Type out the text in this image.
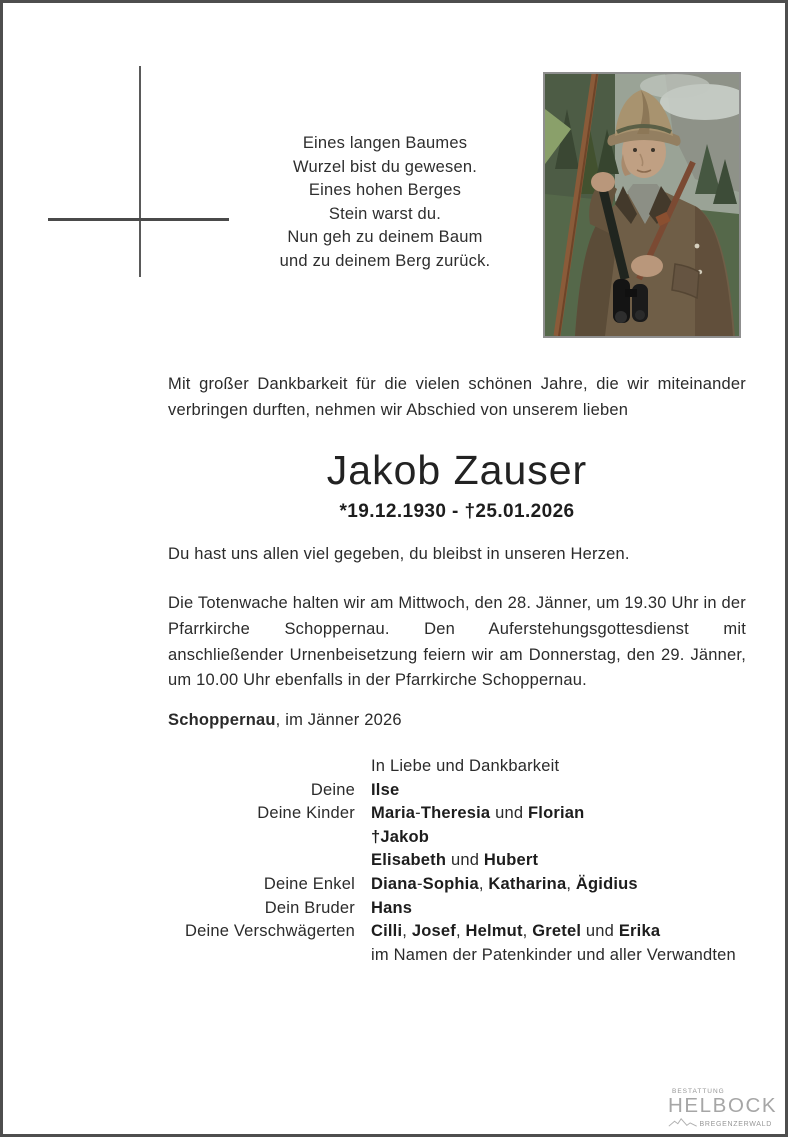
Eines langen Baumes
Wurzel bist du gewesen.
Eines hohen Berges
Stein warst du.
Nun geh zu deinem Baum
und zu deinem Berg zurück.
Mit großer Dankbarkeit für die vielen schönen Jahre, die wir miteinander verbringen durften, nehmen wir Abschied von unserem lieben
Jakob Zauser
*19.12.1930 - †25.01.2026
Du hast uns allen viel gegeben, du bleibst in unseren Herzen.
Die Totenwache halten wir am Mittwoch, den 28. Jänner, um 19.30 Uhr in der Pfarrkirche Schoppernau. Den Auferstehungsgottesdienst mit anschließender Urnenbeisetzung feiern wir am Donnerstag, den 29. Jänner, um 10.00 Uhr ebenfalls in der Pfarrkirche Schoppernau.
Schoppernau, im Jänner 2026
In Liebe und Dankbarkeit
Deine Ilse
Deine Kinder Maria-Theresia und Florian
†Jakob
Elisabeth und Hubert
Deine Enkel Diana-Sophia, Katharina, Ägidius
Dein Bruder Hans
Deine Verschwägerten Cilli, Josef, Helmut, Gretel und Erika
im Namen der Patenkinder und aller Verwandten
BESTATTUNG
HELBOCK
BREGENZERWALD
